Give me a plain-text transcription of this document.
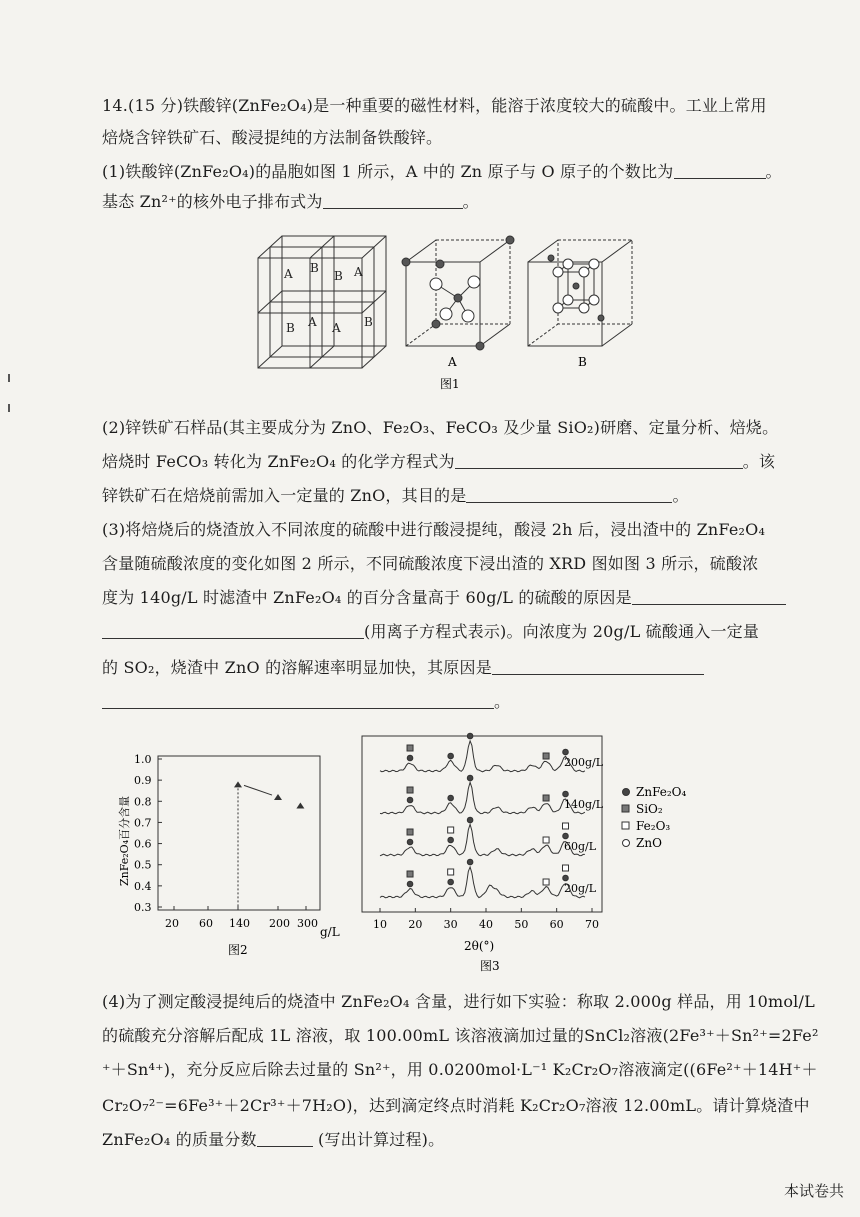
14.(15 分)铁酸锌(ZnFe₂O₄)是一种重要的磁性材料，能溶于浓度较大的硫酸中。工业上常用
焙烧含锌铁矿石、酸浸提纯的方法制备铁酸锌。
(1)铁酸锌(ZnFe₂O₄)的晶胞如图 1 所示，A 中的 Zn 原子与 O 原子的个数比为	。
基态 Zn²⁺的核外电子排布式为	。
A B
B A
B A A B
A	B
图1
(2)锌铁矿石样品(其主要成分为 ZnO、Fe₂O₃、FeCO₃ 及少量 SiO₂)研磨、定量分析、焙烧。
焙烧时 FeCO₃ 转化为 ZnFe₂O₄ 的化学方程式为	。该
锌铁矿石在焙烧前需加入一定量的 ZnO，其目的是	。
(3)将焙烧后的烧渣放入不同浓度的硫酸中进行酸浸提纯，酸浸 2h 后，浸出渣中的 ZnFe₂O₄
含量随硫酸浓度的变化如图 2 所示，不同硫酸浓度下浸出渣的 XRD 图如图 3 所示，硫酸浓
度为 140g/L 时滤渣中 ZnFe₂O₄ 的百分含量高于 60g/L 的硫酸的原因是
(用离子方程式表示)。向浓度为 20g/L 硫酸通入一定量
的 SO₂，烧渣中 ZnO 的溶解速率明显加快，其原因是
。
1.0
0.9
0.8
0.7
0.6
0.5
0.4
0.3
20 60 140 200 300
ZnFe₂O₄百分含量
g/L
图2
10 20 30 40 50 60 70
200g/L
140g/L
60g/L
20g/L
2θ(°)
图3
ZnFe₂O₄
SiO₂
Fe₂O₃
ZnO
(4)为了测定酸浸提纯后的烧渣中 ZnFe₂O₄ 含量，进行如下实验：称取 2.000g 样品，用 10mol/L
的硫酸充分溶解后配成 1L 溶液，取 100.00mL 该溶液滴加过量的SnCl₂溶液(2Fe³⁺＋Sn²⁺=2Fe²
⁺＋Sn⁴⁺)，充分反应后除去过量的 Sn²⁺，用 0.0200mol·L⁻¹ K₂Cr₂O₇溶液滴定((6Fe²⁺＋14H⁺＋
Cr₂O₇²⁻=6Fe³⁺＋2Cr³⁺＋7H₂O)，达到滴定终点时消耗 K₂Cr₂O₇溶液 12.00mL。请计算烧渣中
ZnFe₂O₄ 的质量分数	(写出计算过程)。
本试卷共
